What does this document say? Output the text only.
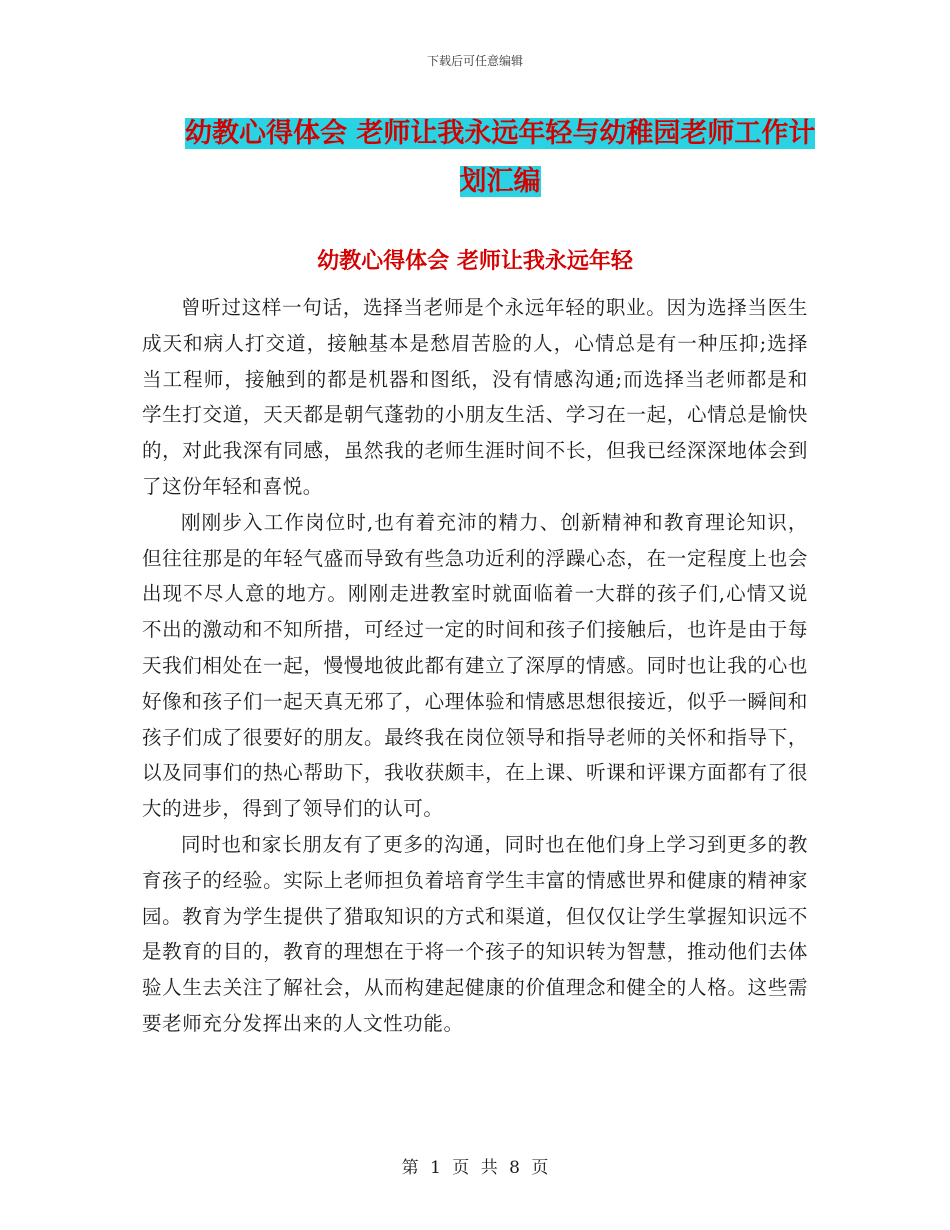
下载后可任意编辑
幼教心得体会 老师让我永远年轻与幼稚园老师工作计
划汇编
幼教心得体会 老师让我永远年轻

曾听过这样一句话，选择当老师是个永远年轻的职业。因为选择当医生成天和病人打交道，接触基本是愁眉苦脸的人，心情总是有一种压抑;选择当工程师，接触到的都是机器和图纸，没有情感沟通;而选择当老师都是和学生打交道，天天都是朝气蓬勃的小朋友生活、学习在一起，心情总是愉快的，对此我深有同感，虽然我的老师生涯时间不长，但我已经深深地体会到了这份年轻和喜悦。

刚刚步入工作岗位时,也有着充沛的精力、创新精神和教育理论知识，但往往那是的年轻气盛而导致有些急功近利的浮躁心态，在一定程度上也会出现不尽人意的地方。刚刚走进教室时就面临着一大群的孩子们,心情又说不出的激动和不知所措，可经过一定的时间和孩子们接触后，也许是由于每天我们相处在一起，慢慢地彼此都有建立了深厚的情感。同时也让我的心也好像和孩子们一起天真无邪了，心理体验和情感思想很接近，似乎一瞬间和孩子们成了很要好的朋友。最终我在岗位领导和指导老师的关怀和指导下，以及同事们的热心帮助下，我收获颇丰，在上课、听课和评课方面都有了很大的进步，得到了领导们的认可。

同时也和家长朋友有了更多的沟通，同时也在他们身上学习到更多的教育孩子的经验。实际上老师担负着培育学生丰富的情感世界和健康的精神家园。教育为学生提供了猎取知识的方式和渠道，但仅仅让学生掌握知识远不是教育的目的，教育的理想在于将一个孩子的知识转为智慧，推动他们去体验人生去关注了解社会，从而构建起健康的价值理念和健全的人格。这些需要老师充分发挥出来的人文性功能。

第 1 页 共 8 页
